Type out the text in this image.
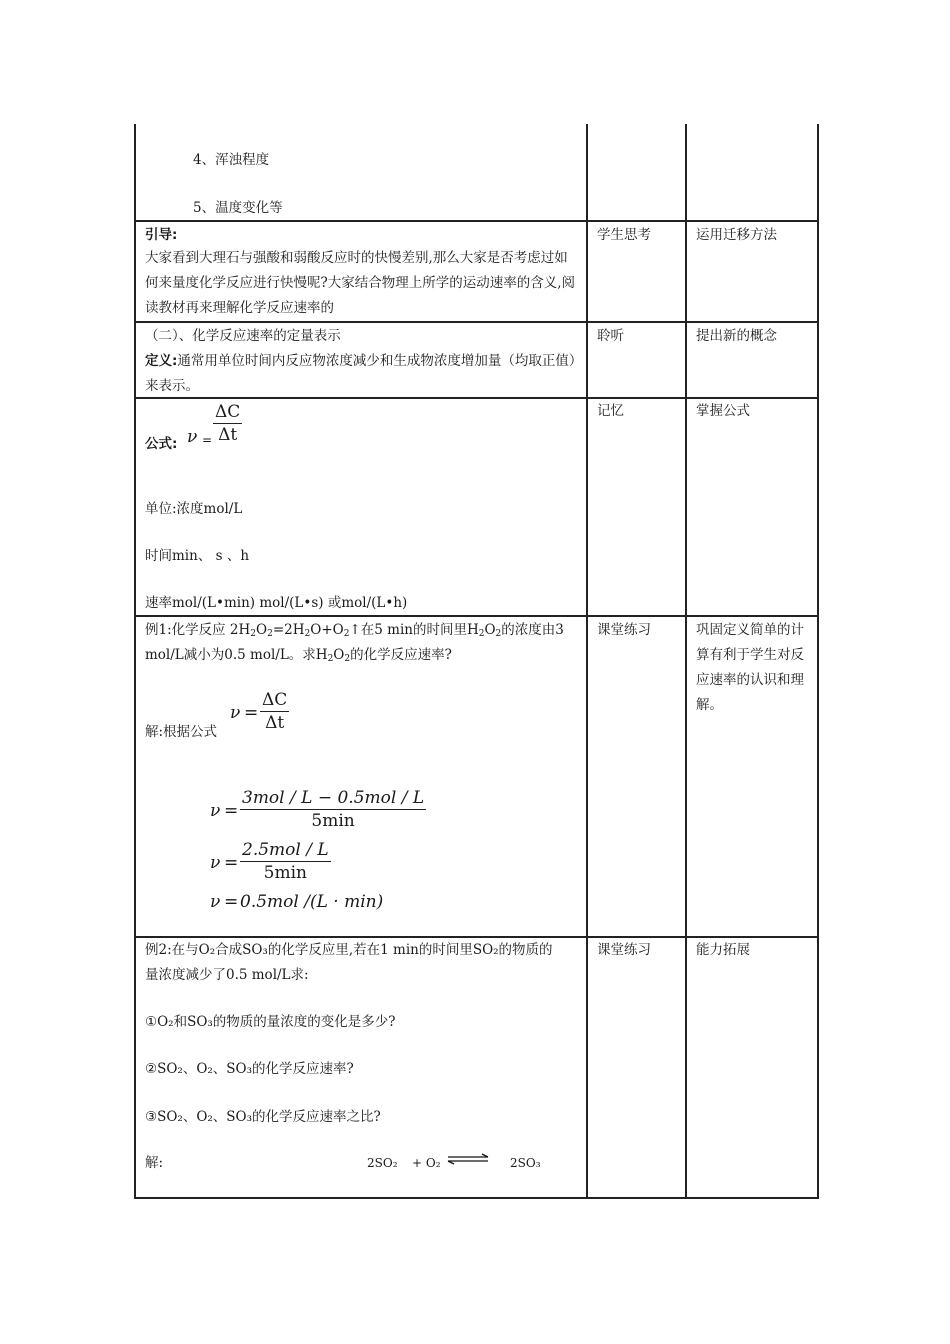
4、浑浊程度
5、温度变化等
引导:
大家看到大理石与强酸和弱酸反应时的快慢差别,那么大家是否考虑过如何来量度化学反应进行快慢呢?大家结合物理上所学的运动速率的含义,阅读教材再来理解化学反应速率的
学生思考	运用迁移方法
（二）、化学反应速率的定量表示
定义:通常用单位时间内反应物浓度减少和生成物浓度增加量（均取正值）来表示。
聆听	提出新的概念
公式: $\nu = \frac{\Delta C}{\Delta t}$
单位:浓度mol/L
时间min、 s 、h
速率mol/(L•min) mol/(L•s) 或mol/(L•h)
记忆	掌握公式
例1:化学反应 $2H_2O_2=2H_2O+O_2↑$在5 min的时间里$H_2O_2$的浓度由3
mol/L减小为0.5 mol/L。求$H_2O_2$的化学反应速率?
解:根据公式
$\nu = \frac{\Delta C}{\Delta t}$
ν =
3mol / L − 0.5mol / L
5min
ν =
2.5mol / L
5min
ν = 0.5mol /(L · min)
课堂练习	巩固定义简单的计算有利于学生对反应速率的认识和理解。
例2:在与O₂合成SO₃的化学反应里,若在1 min的时间里SO₂的物质的
量浓度减少了0.5 mol/L求:
①O₂和SO₃的物质的量浓度的变化是多少?
②SO₂、O₂、SO₃的化学反应速率?
③SO₂、O₂、SO₃的化学反应速率之比?
解:	2SO₂ + O₂ ⇌ 2SO₃
课堂练习	能力拓展
